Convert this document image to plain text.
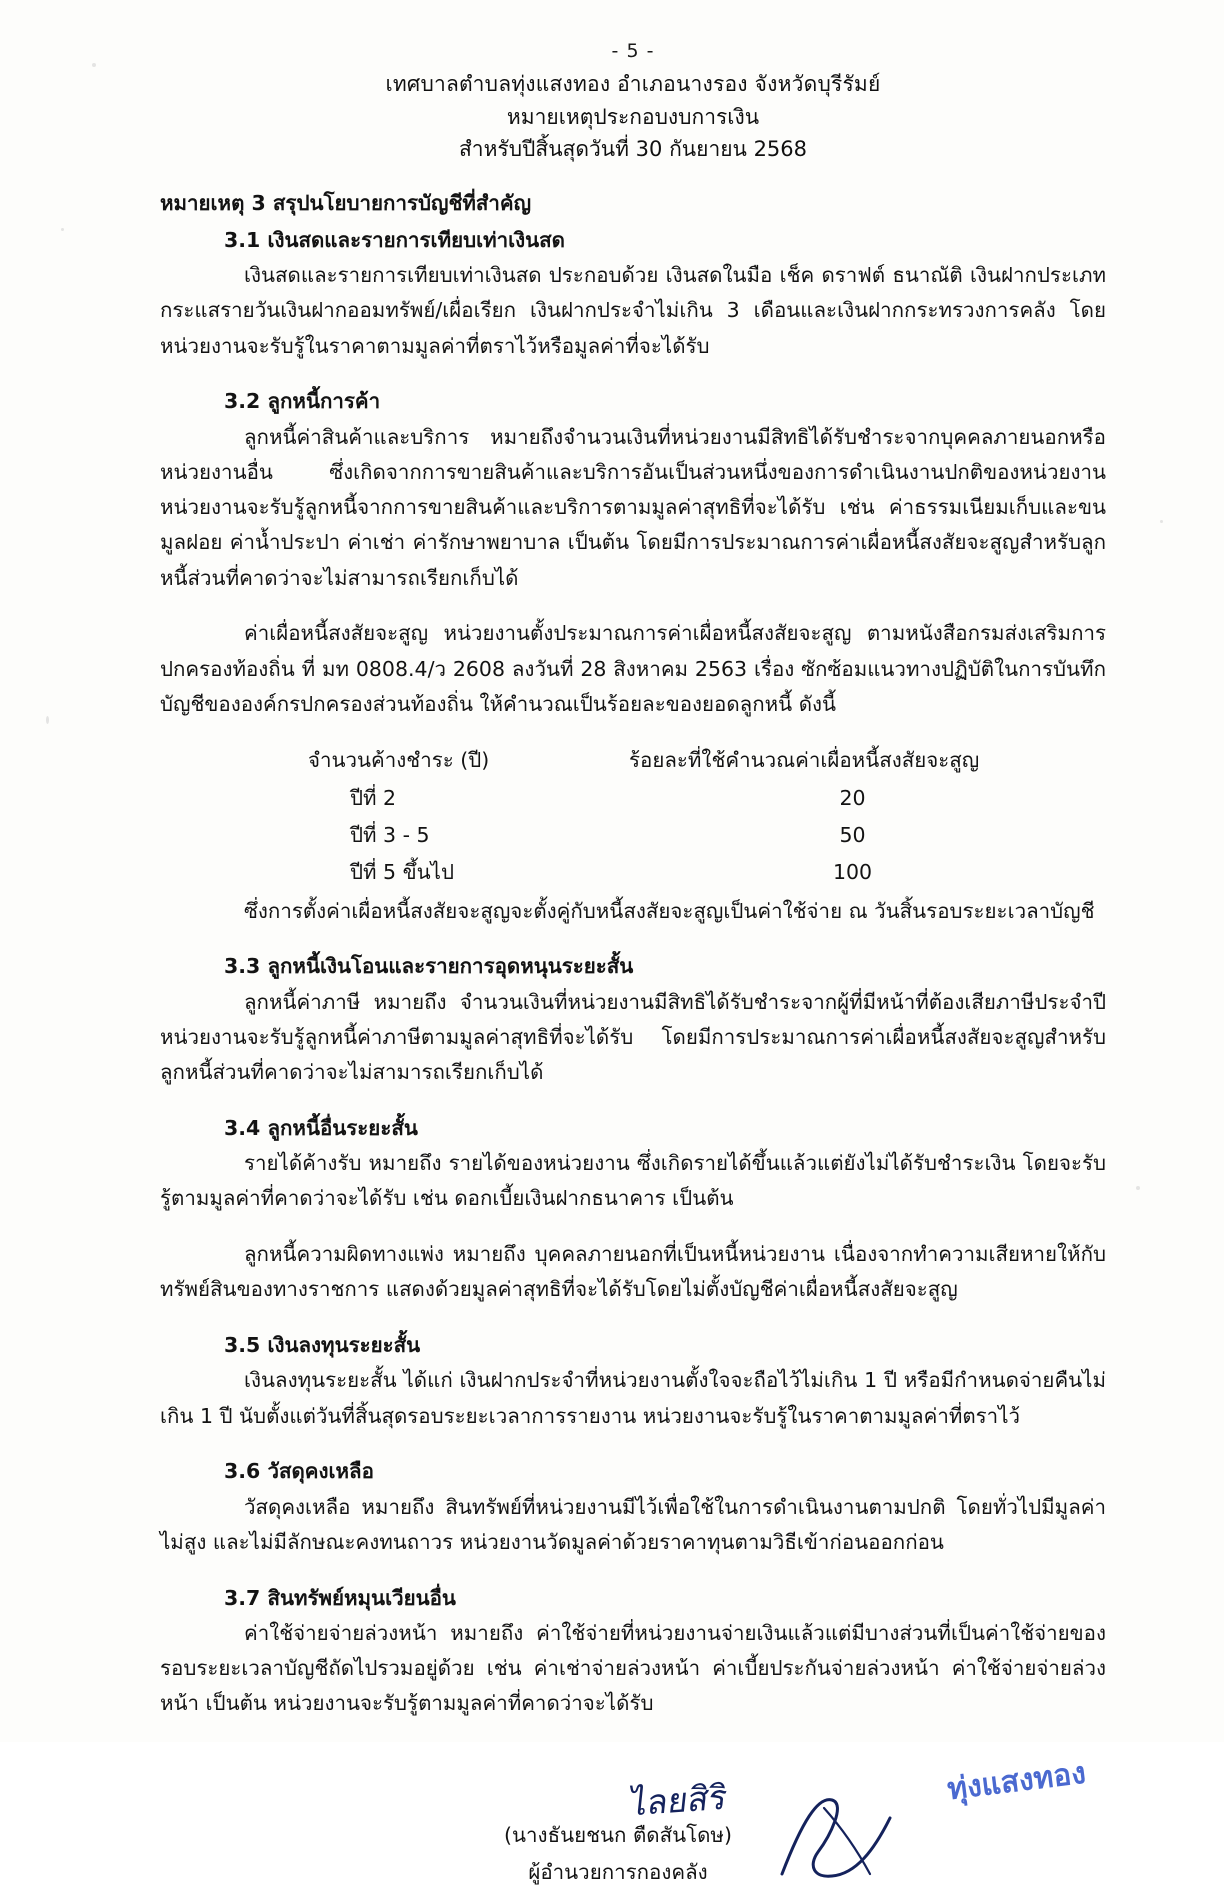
- 5 -
เทศบาลตำบลทุ่งแสงทอง อำเภอนางรอง จังหวัดบุรีรัมย์
หมายเหตุประกอบงบการเงิน
สำหรับปีสิ้นสุดวันที่ 30 กันยายน 2568
หมายเหตุ 3 สรุปนโยบายการบัญชีที่สำคัญ
3.1 เงินสดและรายการเทียบเท่าเงินสด

เงินสดและรายการเทียบเท่าเงินสด ประกอบด้วย เงินสดในมือ เช็ค ดราฟต์ ธนาณัติ เงินฝากประเภทกระแสรายวันเงินฝากออมทรัพย์/เผื่อเรียก เงินฝากประจำไม่เกิน 3 เดือนและเงินฝากกระทรวงการคลัง โดยหน่วยงานจะรับรู้ในราคาตามมูลค่าที่ตราไว้หรือมูลค่าที่จะได้รับ

3.2 ลูกหนี้การค้า

ลูกหนี้ค่าสินค้าและบริการ หมายถึงจำนวนเงินที่หน่วยงานมีสิทธิได้รับชำระจากบุคคลภายนอกหรือหน่วยงานอื่น ซึ่งเกิดจากการขายสินค้าและบริการอันเป็นส่วนหนึ่งของการดำเนินงานปกติของหน่วยงาน หน่วยงานจะรับรู้ลูกหนี้จากการขายสินค้าและบริการตามมูลค่าสุทธิที่จะได้รับ เช่น ค่าธรรมเนียมเก็บและขนมูลฝอย ค่าน้ำประปา ค่าเช่า ค่ารักษาพยาบาล เป็นต้น โดยมีการประมาณการค่าเผื่อหนี้สงสัยจะสูญสำหรับลูกหนี้ส่วนที่คาดว่าจะไม่สามารถเรียกเก็บได้

ค่าเผื่อหนี้สงสัยจะสูญ หน่วยงานตั้งประมาณการค่าเผื่อหนี้สงสัยจะสูญ ตามหนังสือกรมส่งเสริมการปกครองท้องถิ่น ที่ มท 0808.4/ว 2608 ลงวันที่ 28 สิงหาคม 2563 เรื่อง ซักซ้อมแนวทางปฏิบัติในการบันทึกบัญชีขององค์กรปกครองส่วนท้องถิ่น ให้คำนวณเป็นร้อยละของยอดลูกหนี้ ดังนี้

จำนวนค้างชำระ (ปี)	ร้อยละที่ใช้คำนวณค่าเผื่อหนี้สงสัยจะสูญ
ปีที่ 2	20
ปีที่ 3 - 5	50
ปีที่ 5 ขึ้นไป	100

ซึ่งการตั้งค่าเผื่อหนี้สงสัยจะสูญจะตั้งคู่กับหนี้สงสัยจะสูญเป็นค่าใช้จ่าย ณ วันสิ้นรอบระยะเวลาบัญชี

3.3 ลูกหนี้เงินโอนและรายการอุดหนุนระยะสั้น

ลูกหนี้ค่าภาษี หมายถึง จำนวนเงินที่หน่วยงานมีสิทธิได้รับชำระจากผู้ที่มีหน้าที่ต้องเสียภาษีประจำปี หน่วยงานจะรับรู้ลูกหนี้ค่าภาษีตามมูลค่าสุทธิที่จะได้รับ โดยมีการประมาณการค่าเผื่อหนี้สงสัยจะสูญสำหรับลูกหนี้ส่วนที่คาดว่าจะไม่สามารถเรียกเก็บได้

3.4 ลูกหนี้อื่นระยะสั้น

รายได้ค้างรับ หมายถึง รายได้ของหน่วยงาน ซึ่งเกิดรายได้ขึ้นแล้วแต่ยังไม่ได้รับชำระเงิน โดยจะรับรู้ตามมูลค่าที่คาดว่าจะได้รับ เช่น ดอกเบี้ยเงินฝากธนาคาร เป็นต้น

ลูกหนี้ความผิดทางแพ่ง หมายถึง บุคคลภายนอกที่เป็นหนี้หน่วยงาน เนื่องจากทำความเสียหายให้กับทรัพย์สินของทางราชการ แสดงด้วยมูลค่าสุทธิที่จะได้รับโดยไม่ตั้งบัญชีค่าเผื่อหนี้สงสัยจะสูญ

3.5 เงินลงทุนระยะสั้น

เงินลงทุนระยะสั้น ได้แก่ เงินฝากประจำที่หน่วยงานตั้งใจจะถือไว้ไม่เกิน 1 ปี หรือมีกำหนดจ่ายคืนไม่เกิน 1 ปี นับตั้งแต่วันที่สิ้นสุดรอบระยะเวลาการรายงาน หน่วยงานจะรับรู้ในราคาตามมูลค่าที่ตราไว้

3.6 วัสดุคงเหลือ

วัสดุคงเหลือ หมายถึง สินทรัพย์ที่หน่วยงานมีไว้เพื่อใช้ในการดำเนินงานตามปกติ โดยทั่วไปมีมูลค่าไม่สูง และไม่มีลักษณะคงทนถาวร หน่วยงานวัดมูลค่าด้วยราคาทุนตามวิธีเข้าก่อนออกก่อน

3.7 สินทรัพย์หมุนเวียนอื่น

ค่าใช้จ่ายจ่ายล่วงหน้า หมายถึง ค่าใช้จ่ายที่หน่วยงานจ่ายเงินแล้วแต่มีบางส่วนที่เป็นค่าใช้จ่ายของรอบระยะเวลาบัญชีถัดไปรวมอยู่ด้วย เช่น ค่าเช่าจ่ายล่วงหน้า ค่าเบี้ยประกันจ่ายล่วงหน้า ค่าใช้จ่ายจ่ายล่วงหน้า เป็นต้น หน่วยงานจะรับรู้ตามมูลค่าที่คาดว่าจะได้รับ

ทุ่งแสงทอง
ไลยสิริ
(นางธันยชนก ตืดสันโดษ)
ผู้อำนวยการกองคลัง
